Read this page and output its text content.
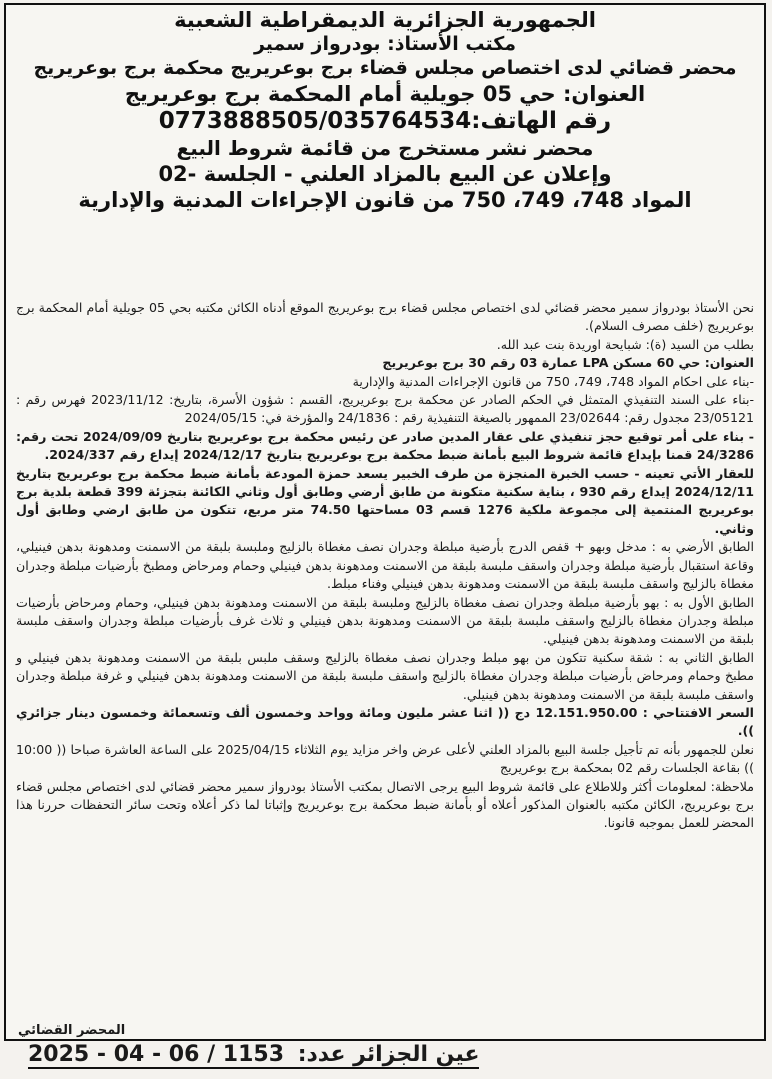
الجمهورية الجزائرية الديمقراطية الشعبية
مكتب الأستاذ: بودرواز سمير
محضر قضائي لدى اختصاص مجلس قضاء برج بوعريريج محكمة برج بوعريريج
العنوان: حي 05 جويلية أمام المحكمة برج بوعريريج
رقم الهاتف:0773888505/035764534
محضر نشر مستخرج من قائمة شروط البيع
وإعلان عن البيع بالمزاد العلني - الجلسة -02
المواد 748، 749، 750 من قانون الإجراءات المدنية والإدارية

نحن الأستاذ بودرواز سمير محضر قضائي لدى اختصاص مجلس قضاء برج بوعريريج الموقع أدناه الكائن مكتبه بحي 05 جويلية أمام المحكمة برج بوعريريج (خلف مصرف السلام).

بطلب من السيد (ة): شبايحة اوريدة بنت عبد الله.

العنوان: حي 60 مسكن LPA عمارة 03 رقم 30 برج بوعريريج

-بناء على احكام المواد 748، 749، 750 من قانون الإجراءات المدنية والإدارية

-بناء على السند التنفيذي المتمثل في الحكم الصادر عن محكمة برج بوعريريج، القسم : شؤون الأسرة، بتاريخ: 2023/11/12 فهرس رقم : 23/05121 مجدول رقم: 23/02644 الممهور بالصيغة التنفيذية رقم : 24/1836 والمؤرخة في: 2024/05/15

- بناء على أمر توقيع حجز تنفيذي على عقار المدين صادر عن رئيس محكمة برج بوعريريج بتاريخ 2024/09/09 تحت رقم: 24/3286 قمنا بإيداع قائمة شروط البيع بأمانة ضبط محكمة برج بوعريريج بتاريخ 2024/12/17 إيداع رقم 2024/337.

للعقار الأتي تعينه - حسب الخبرة المنجزة من طرف الخبير يسعد حمزة المودعة بأمانة ضبط محكمة برج بوعريريج بتاريخ 2024/12/11 إيداع رقم 930 ، بناية سكنية متكونة من طابق أرضي وطابق أول وثاني الكائنة بتجزئة 399 قطعة بلدية برج بوعريريج المنتمية إلى مجموعة ملكية 1276 قسم 03 مساحتها 74.50 متر مربع، تتكون من طابق ارضي وطابق أول وثاني.

الطابق الأرضي به : مدخل وبهو + قفص الدرج بأرضية مبلطة وجدران نصف مغطاة بالزليج وملبسة بلبقة من الاسمنت ومدهونة بدهن فينيلي، وقاعة استقبال بأرضية مبلطة وجدران واسقف ملبسة بلبقة من الاسمنت ومدهونة بدهن فينيلي وحمام ومرحاض ومطبخ بأرضيات مبلطة وجدران مغطاة بالزليج واسقف ملبسة بلبقة من الاسمنت ومدهونة بدهن فينيلي وفناء مبلط.

الطابق الأول به : بهو بأرضية مبلطة وجدران نصف مغطاة بالزليج وملبسة بلبقة من الاسمنت ومدهونة بدهن فينيلي، وحمام ومرحاض بأرضيات مبلطة وجدران مغطاة بالزليج واسقف ملبسة بلبقة من الاسمنت ومدهونة بدهن فينيلي و ثلاث غرف بأرضيات مبلطة وجدران واسقف ملبسة بلبقة من الاسمنت ومدهونة بدهن فينيلي.

الطابق الثاني به : شقة سكنية تتكون من بهو مبلط وجدران نصف مغطاة بالزليج وسقف ملبس بلبقة من الاسمنت ومدهونة بدهن فينيلي و مطبخ وحمام ومرحاض بأرضيات مبلطة وجدران مغطاة بالزليج واسقف ملبسة بلبقة من الاسمنت ومدهونة بدهن فينيلي و غرفة مبلطة وجدران واسقف ملبسة بلبقة من الاسمنت ومدهونة بدهن فينيلي.

السعر الافتتاحي : 12.151.950.00 دج (( اثنا عشر مليون ومائة وواحد وخمسون ألف وتسعمائة وخمسون دينار جزائري )).

نعلن للجمهور بأنه تم تأجيل جلسة البيع بالمزاد العلني لأعلى عرض واخر مزايد يوم الثلاثاء 2025/04/15 على الساعة العاشرة صباحا (( 10:00 )) بقاعة الجلسات رقم 02 بمحكمة برج بوعريريج

ملاحظة: لمعلومات أكثر وللاطلاع على قائمة شروط البيع يرجى الاتصال بمكتب الأستاذ بودرواز سمير محضر قضائي لدى اختصاص مجلس قضاء برج بوعريريج، الكائن مكتبه بالعنوان المذكور أعلاه أو بأمانة ضبط محكمة برج بوعريريج وإثباتا لما ذكر أعلاه وتحت سائر التحفظات حررنا هذا المحضر للعمل بموجبه قانونا.

المحضر القضائي
عين الجزائر عدد: 1153 / 06 - 04 - 2025
